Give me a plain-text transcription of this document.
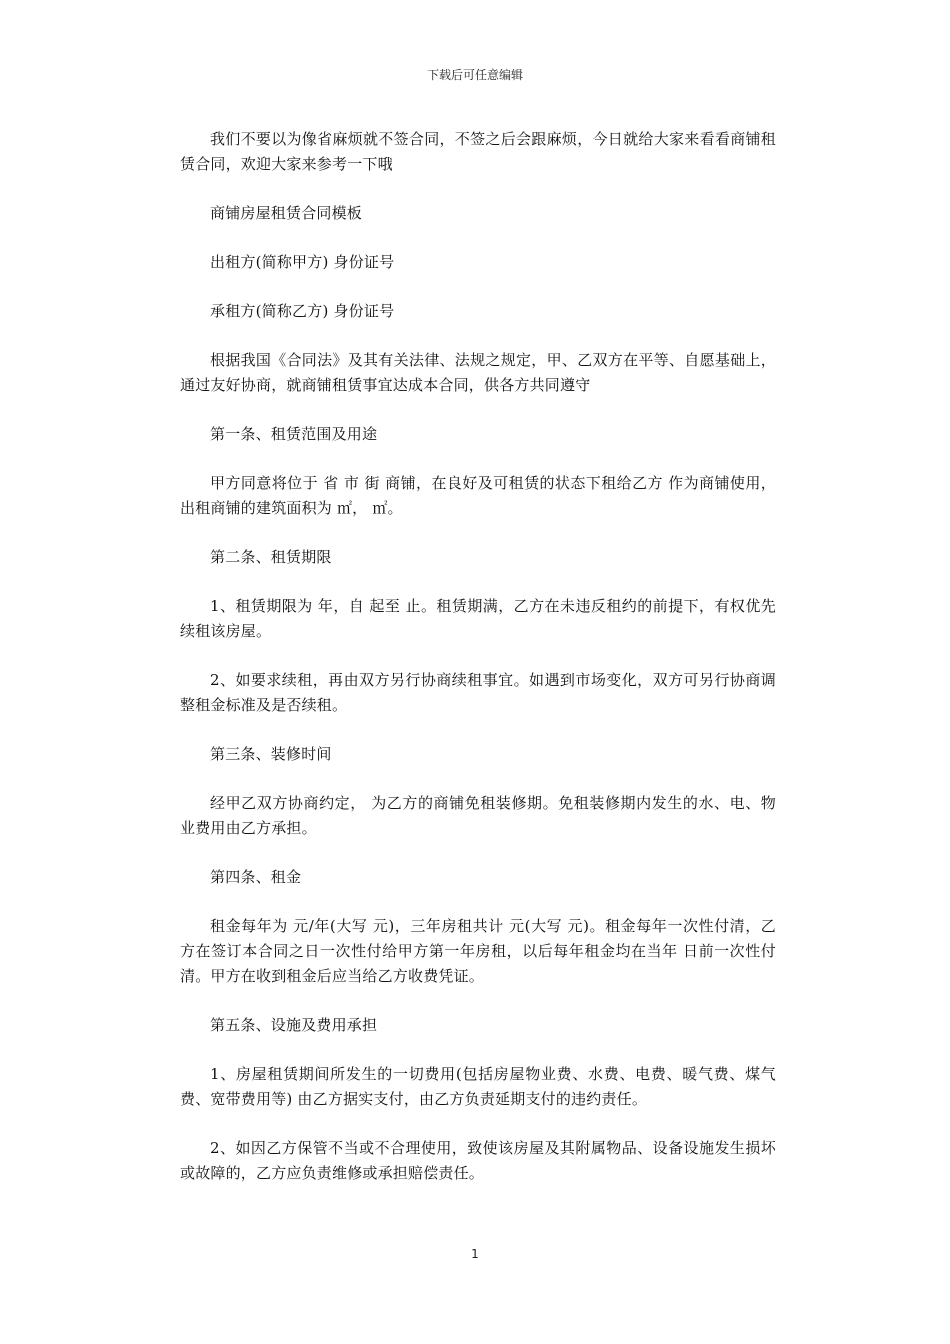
下载后可任意编辑

我们不要以为像省麻烦就不签合同，不签之后会跟麻烦，今日就给大家来看看商铺租赁合同，欢迎大家来参考一下哦

商铺房屋租赁合同模板

出租方(简称甲方) 身份证号

承租方(简称乙方) 身份证号

根据我国《合同法》及其有关法律、法规之规定，甲、乙双方在平等、自愿基础上，通过友好协商，就商铺租赁事宜达成本合同，供各方共同遵守

第一条、租赁范围及用途

甲方同意将位于 省 市 街 商铺，在良好及可租赁的状态下租给乙方 作为商铺使用，出租商铺的建筑面积为 ㎡， ㎡。

第二条、租赁期限

1、租赁期限为 年，自 起至 止。租赁期满，乙方在未违反租约的前提下，有权优先续租该房屋。

2、如要求续租，再由双方另行协商续租事宜。如遇到市场变化，双方可另行协商调整租金标准及是否续租。

第三条、装修时间

经甲乙双方协商约定， 为乙方的商铺免租装修期。免租装修期内发生的水、电、物业费用由乙方承担。

第四条、租金

租金每年为 元/年(大写 元)，三年房租共计 元(大写 元)。租金每年一次性付清，乙方在签订本合同之日一次性付给甲方第一年房租，以后每年租金均在当年 日前一次性付清。甲方在收到租金后应当给乙方收费凭证。

第五条、设施及费用承担

1、房屋租赁期间所发生的一切费用(包括房屋物业费、水费、电费、暖气费、煤气费、宽带费用等) 由乙方据实支付，由乙方负责延期支付的违约责任。

2、如因乙方保管不当或不合理使用，致使该房屋及其附属物品、设备设施发生损坏或故障的，乙方应负责维修或承担赔偿责任。

1
